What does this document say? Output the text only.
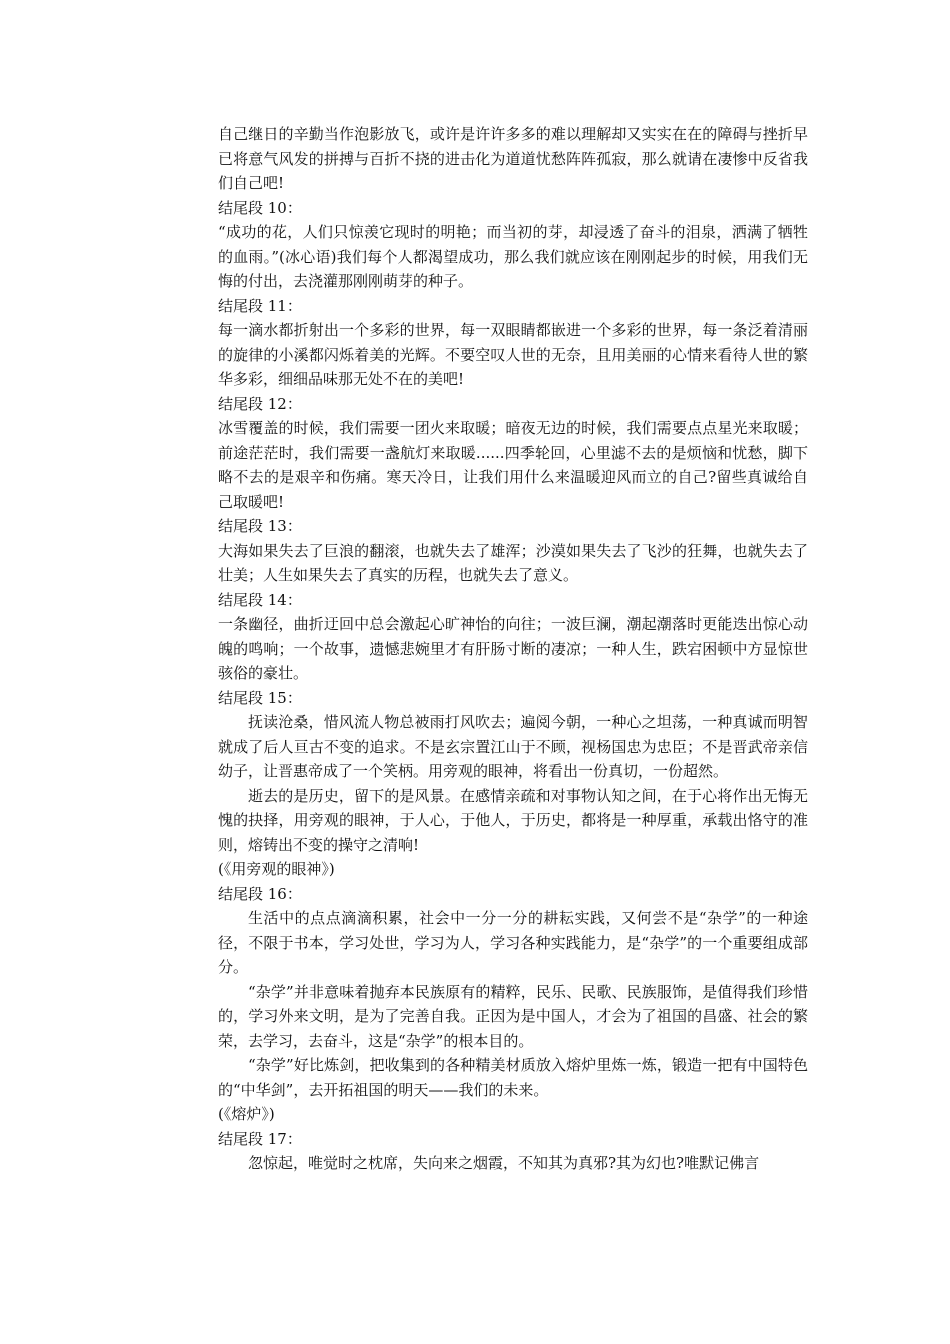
自己继日的辛勤当作泡影放飞，或许是许许多多的难以理解却又实实在在的障碍与挫折早已将意气风发的拼搏与百折不挠的进击化为道道忧愁阵阵孤寂，那么就请在凄惨中反省我们自己吧!

结尾段 10：

“成功的花，人们只惊羡它现时的明艳；而当初的芽，却浸透了奋斗的泪泉，洒满了牺牲的血雨。”(冰心语)我们每个人都渴望成功，那么我们就应该在刚刚起步的时候，用我们无悔的付出，去浇灌那刚刚萌芽的种子。

结尾段 11：

每一滴水都折射出一个多彩的世界，每一双眼睛都嵌进一个多彩的世界，每一条泛着清丽的旋律的小溪都闪烁着美的光辉。不要空叹人世的无奈，且用美丽的心情来看待人世的繁华多彩，细细品味那无处不在的美吧!

结尾段 12：

冰雪覆盖的时候，我们需要一团火来取暖；暗夜无边的时候，我们需要点点星光来取暖；前途茫茫时，我们需要一盏航灯来取暖......四季轮回，心里滤不去的是烦恼和忧愁，脚下略不去的是艰辛和伤痛。寒天冷日，让我们用什么来温暖迎风而立的自己?留些真诚给自己取暖吧!

结尾段 13：

大海如果失去了巨浪的翻滚，也就失去了雄浑；沙漠如果失去了飞沙的狂舞，也就失去了壮美；人生如果失去了真实的历程，也就失去了意义。

结尾段 14：

一条幽径，曲折迂回中总会激起心旷神怡的向往；一波巨澜，潮起潮落时更能迭出惊心动魄的鸣响；一个故事，遗憾悲婉里才有肝肠寸断的凄凉；一种人生，跌宕困顿中方显惊世骇俗的豪壮。

结尾段 15：

抚读沧桑，惜风流人物总被雨打风吹去；遍阅今朝，一种心之坦荡，一种真诚而明智就成了后人亘古不变的追求。不是玄宗置江山于不顾，视杨国忠为忠臣；不是晋武帝亲信幼子，让晋惠帝成了一个笑柄。用旁观的眼神，将看出一份真切，一份超然。

逝去的是历史，留下的是风景。在感情亲疏和对事物认知之间，在于心将作出无悔无愧的抉择，用旁观的眼神，于人心，于他人，于历史，都将是一种厚重，承载出恪守的准则，熔铸出不变的操守之清响!

(《用旁观的眼神》)

结尾段 16：

生活中的点点滴滴积累，社会中一分一分的耕耘实践，又何尝不是“杂学”的一种途径，不限于书本，学习处世，学习为人，学习各种实践能力，是“杂学”的一个重要组成部分。

“杂学”并非意味着抛弃本民族原有的精粹，民乐、民歌、民族服饰，是值得我们珍惜的，学习外来文明，是为了完善自我。正因为是中国人，才会为了祖国的昌盛、社会的繁荣，去学习，去奋斗，这是“杂学”的根本目的。

“杂学”好比炼剑，把收集到的各种精美材质放入熔炉里炼一炼，锻造一把有中国特色的“中华剑”，去开拓祖国的明天——我们的未来。

(《熔炉》)

结尾段 17：

忽惊起，唯觉时之枕席，失向来之烟霞，不知其为真邪?其为幻也?唯默记佛言
